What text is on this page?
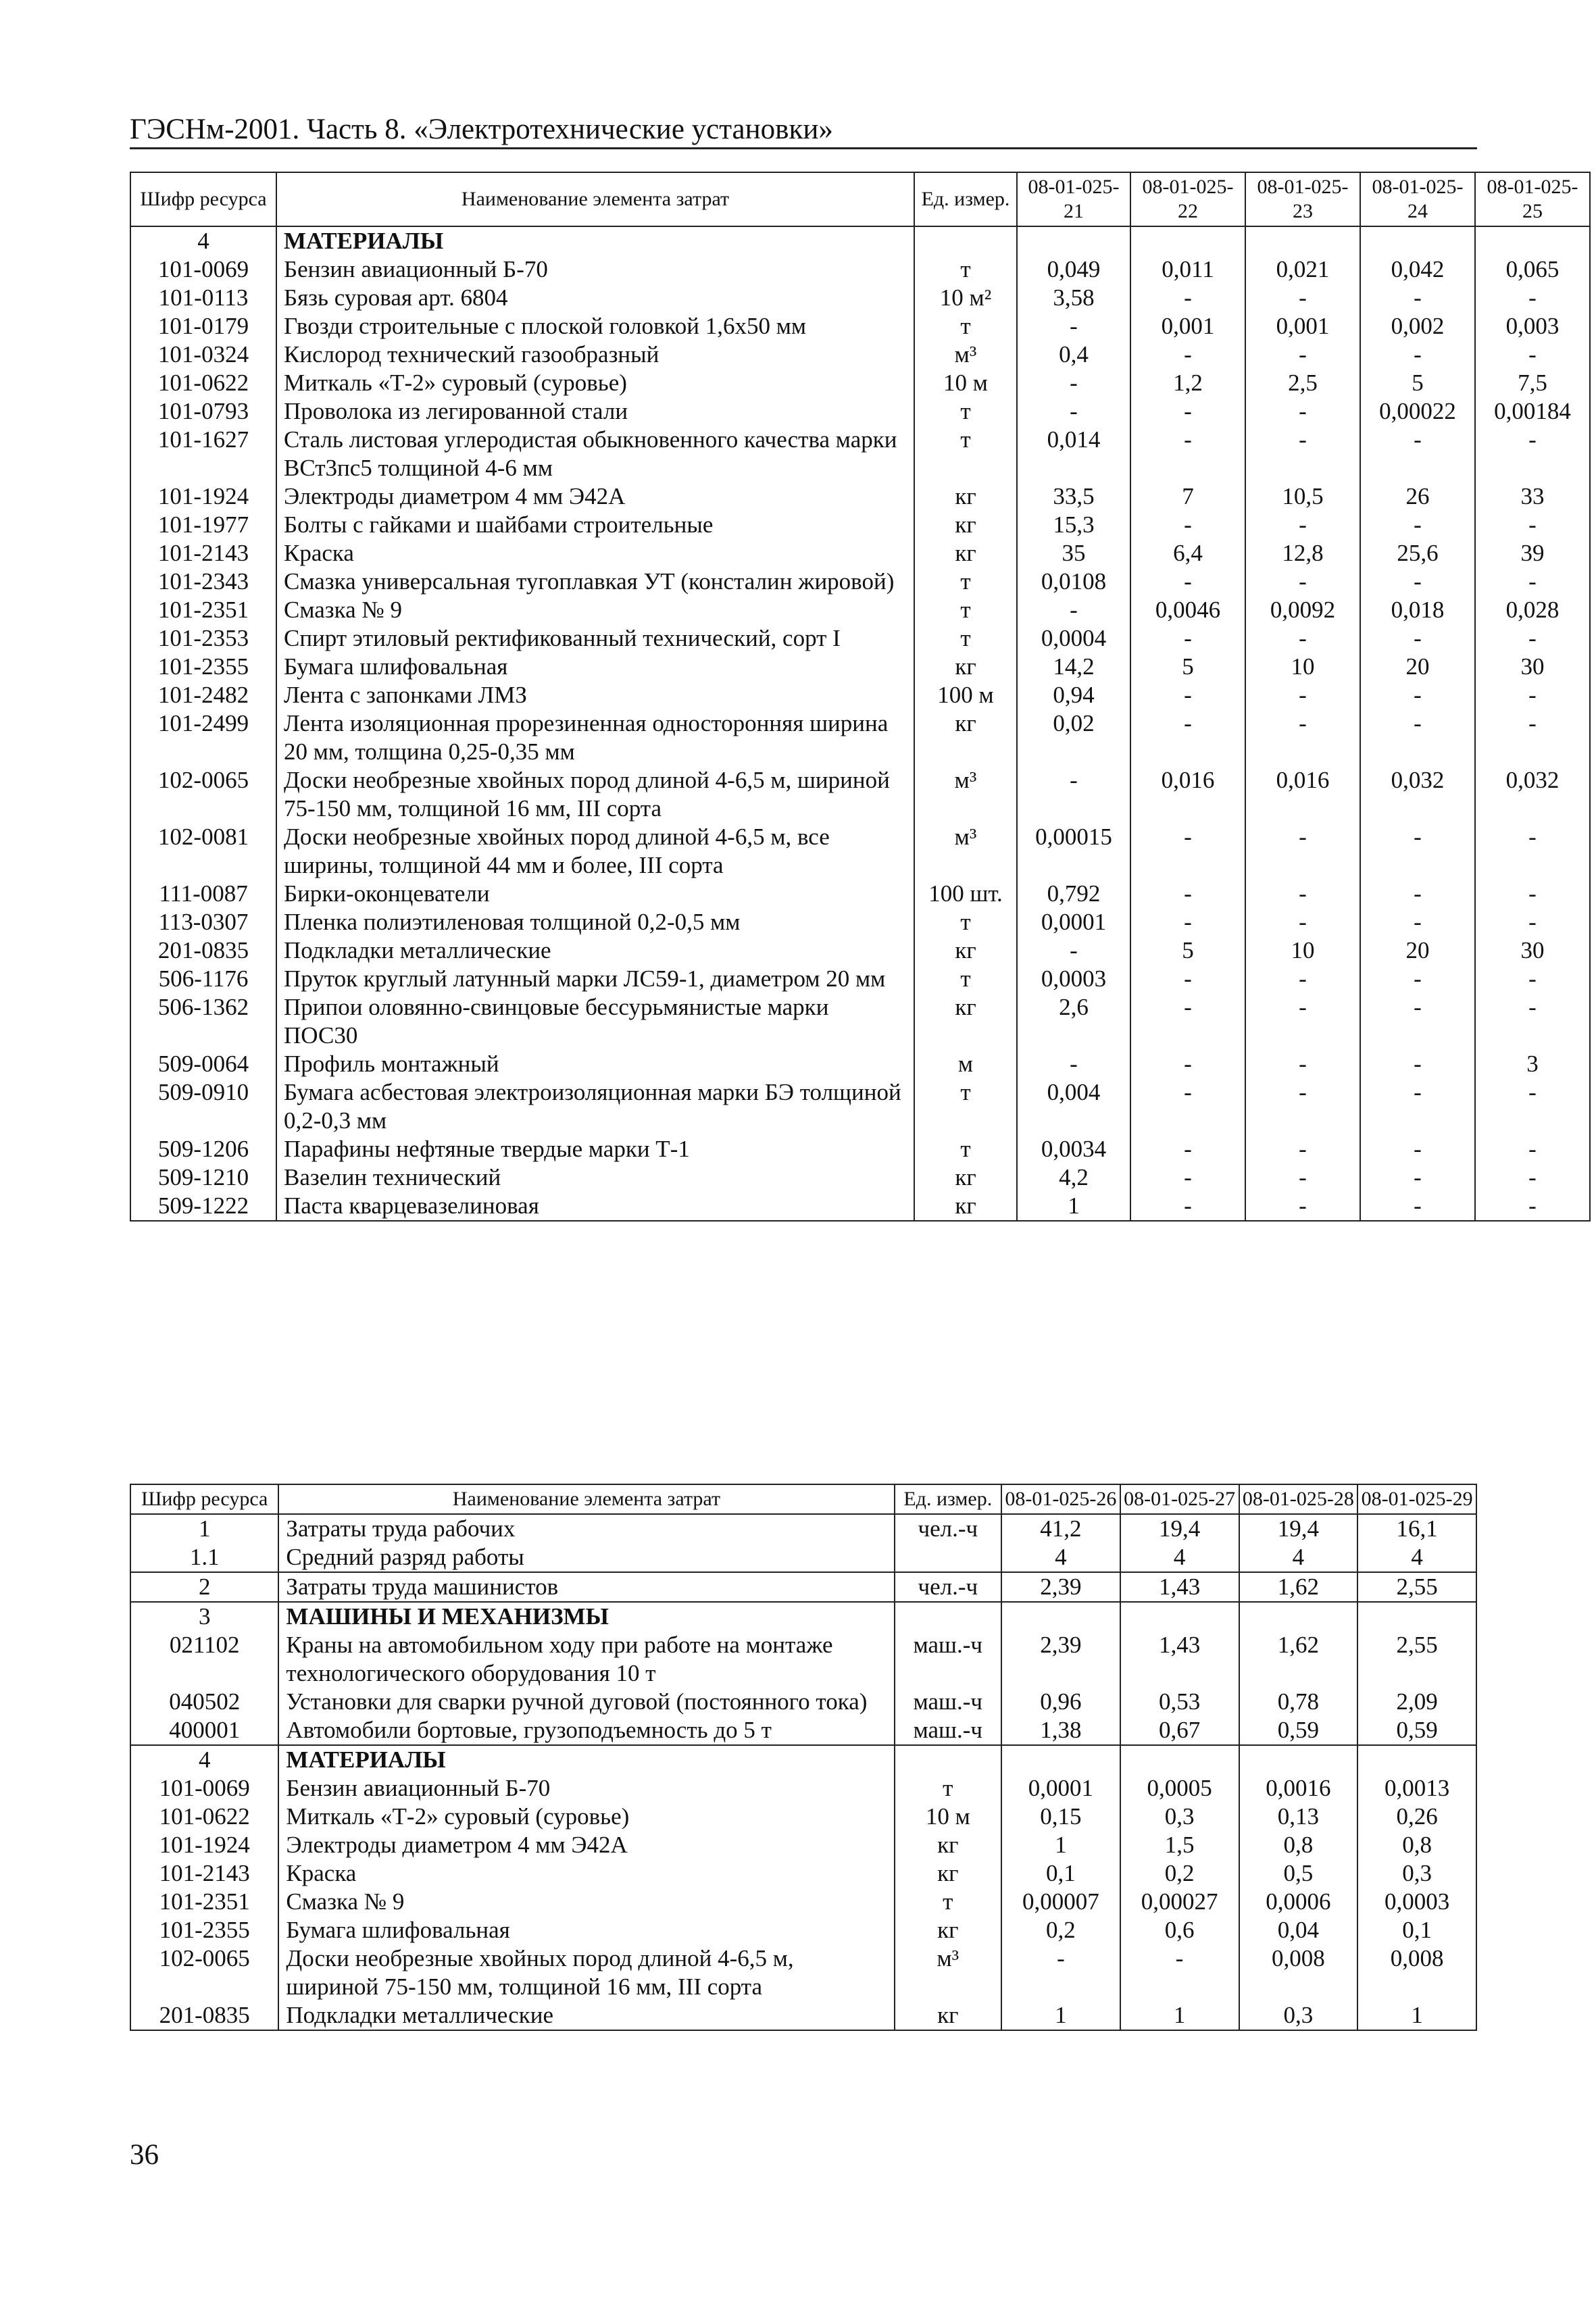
ГЭСНм-2001. Часть 8. «Электротехнические установки»
Шифр ресурса	Наименование элемента затрат	Ед. измер.	08-01-025-21	08-01-025-22	08-01-025-23	08-01-025-24	08-01-025-25
4	МАТЕРИАЛЫ						
101-0069	Бензин авиационный Б-70	т	0,049	0,011	0,021	0,042	0,065
101-0113	Бязь суровая арт. 6804	10 м²	3,58	-	-	-	-
101-0179	Гвозди строительные с плоской головкой 1,6х50 мм	т	-	0,001	0,001	0,002	0,003
101-0324	Кислород технический газообразный	м³	0,4	-	-	-	-
101-0622	Миткаль «Т-2» суровый (суровье)	10 м	-	1,2	2,5	5	7,5
101-0793	Проволока из легированной стали	т	-	-	-	0,00022	0,00184
101-1627	Сталь листовая углеродистая обыкновенного качества марки ВСт3пс5 толщиной 4-6 мм	т	0,014	-	-	-	-
101-1924	Электроды диаметром 4 мм Э42А	кг	33,5	7	10,5	26	33
101-1977	Болты с гайками и шайбами строительные	кг	15,3	-	-	-	-
101-2143	Краска	кг	35	6,4	12,8	25,6	39
101-2343	Смазка универсальная тугоплавкая УТ (консталин жировой)	т	0,0108	-	-	-	-
101-2351	Смазка № 9	т	-	0,0046	0,0092	0,018	0,028
101-2353	Спирт этиловый ректификованный технический, сорт I	т	0,0004	-	-	-	-
101-2355	Бумага шлифовальная	кг	14,2	5	10	20	30
101-2482	Лента с запонками ЛМЗ	100 м	0,94	-	-	-	-
101-2499	Лента изоляционная прорезиненная односторонняя ширина 20 мм, толщина 0,25-0,35 мм	кг	0,02	-	-	-	-
102-0065	Доски необрезные хвойных пород длиной 4-6,5 м, шириной 75-150 мм, толщиной 16 мм, III сорта	м³	-	0,016	0,016	0,032	0,032
102-0081	Доски необрезные хвойных пород длиной 4-6,5 м, все ширины, толщиной 44 мм и более, III сорта	м³	0,00015	-	-	-	-
111-0087	Бирки-оконцеватели	100 шт.	0,792	-	-	-	-
113-0307	Пленка полиэтиленовая толщиной 0,2-0,5 мм	т	0,0001	-	-	-	-
201-0835	Подкладки металлические	кг	-	5	10	20	30
506-1176	Пруток круглый латунный марки ЛС59-1, диаметром 20 мм	т	0,0003	-	-	-	-
506-1362	Припои оловянно-свинцовые бессурьмянистые марки ПОС30	кг	2,6	-	-	-	-
509-0064	Профиль монтажный	м	-	-	-	-	3
509-0910	Бумага асбестовая электроизоляционная марки БЭ толщиной 0,2-0,3 мм	т	0,004	-	-	-	-
509-1206	Парафины нефтяные твердые марки Т-1	т	0,0034	-	-	-	-
509-1210	Вазелин технический	кг	4,2	-	-	-	-
509-1222	Паста кварцевазелиновая	кг	1	-	-	-	-
Шифр ресурса	Наименование элемента затрат	Ед. измер.	08-01-025-26	08-01-025-27	08-01-025-28	08-01-025-29
1	Затраты труда рабочих	чел.-ч	41,2	19,4	19,4	16,1
1.1	Средний разряд работы		4	4	4	4
2	Затраты труда машинистов	чел.-ч	2,39	1,43	1,62	2,55
3	МАШИНЫ И МЕХАНИЗМЫ					
021102	Краны на автомобильном ходу при работе на монтаже технологического оборудования 10 т	маш.-ч	2,39	1,43	1,62	2,55
040502	Установки для сварки ручной дуговой (постоянного тока)	маш.-ч	0,96	0,53	0,78	2,09
400001	Автомобили бортовые, грузоподъемность до 5 т	маш.-ч	1,38	0,67	0,59	0,59
4	МАТЕРИАЛЫ					
101-0069	Бензин авиационный Б-70	т	0,0001	0,0005	0,0016	0,0013
101-0622	Миткаль «Т-2» суровый (суровье)	10 м	0,15	0,3	0,13	0,26
101-1924	Электроды диаметром 4 мм Э42А	кг	1	1,5	0,8	0,8
101-2143	Краска	кг	0,1	0,2	0,5	0,3
101-2351	Смазка № 9	т	0,00007	0,00027	0,0006	0,0003
101-2355	Бумага шлифовальная	кг	0,2	0,6	0,04	0,1
102-0065	Доски необрезные хвойных пород длиной 4-6,5 м, шириной 75-150 мм, толщиной 16 мм, III сорта	м³	-	-	0,008	0,008
201-0835	Подкладки металлические	кг	1	1	0,3	1
36
